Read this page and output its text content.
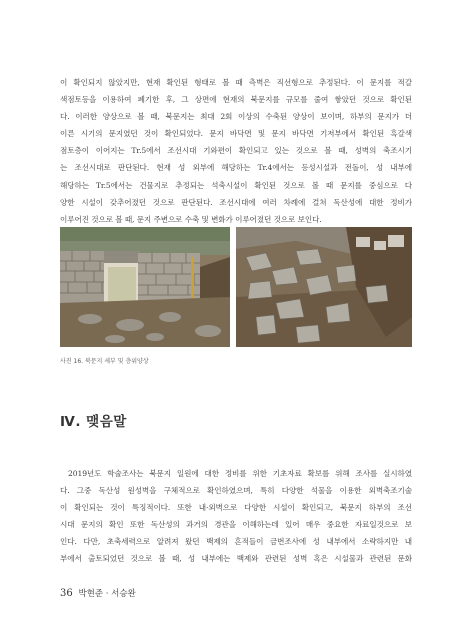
이 확인되지 않았지만, 현재 확인된 형태로 볼 때 측벽은 직선형으로 추정된다. 이 문지를 적갈

색점토등을 이용하여 폐기한 후, 그 상면에 현재의 북문지를 규모를 줄여 쌓았던 것으로 확인된

다. 이러한 양상으로 볼 때, 북문지는 최대 2회 이상의 수축된 양상이 보이며, 하부의 문지가 더

이른 시기의 문지였던 것이 확인되었다. 문지 바닥면 및 문지 바닥면 기저부에서 확인된 흑갈색

점토층이 이어지는 Tr.5에서 조선시대 기와편이 확인되고 있는 것으로 볼 때, 성벽의 축조시기

는 조선시대로 판단된다. 현재 성 외부에 해당하는 Tr.4에서는 등성시설과 전돌이, 성 내부에

해당하는 Tr.5에서는 건물지로 추정되는 석축시설이 확인된 것으로 볼 때 문지를 중심으로 다

양한 시설이 갖추어졌던 것으로 판단된다. 조선시대에 여러 차례에 걸쳐 독산성에 대한 정비가

이루어진 것으로 볼 때, 문지 주변으로 수축 및 변화가 이루어졌던 것으로 보인다.

사진 16. 북문지 세부 및 층위양상
Ⅳ. 맺음말

2019년도 학술조사는 북문지 일원에 대한 정비를 위한 기초자료 확보를 위해 조사를 실시하였

다. 그중 독산성 원성벽을 구체적으로 확인하였으며, 특히 다양한 석물을 이용한 외벽축조기술

이 확인되는 것이 특징적이다. 또한 내·외벽으로 다양한 시설이 확인되고, 북문지 하부의 조선

시대 문지의 확인 또한 독산성의 과거의 경관을 이해하는데 있어 매우 중요한 자료일것으로 보

인다. 다만, 초축세력으로 알려져 왔던 백제의 흔적들이 금번조사에 성 내부에서 소략하지만 내

부에서 출토되었던 것으로 볼 때, 성 내부에는 백제와 관련된 성벽 혹은 시설물과 관련된 문화

36 박현준 · 서승완
